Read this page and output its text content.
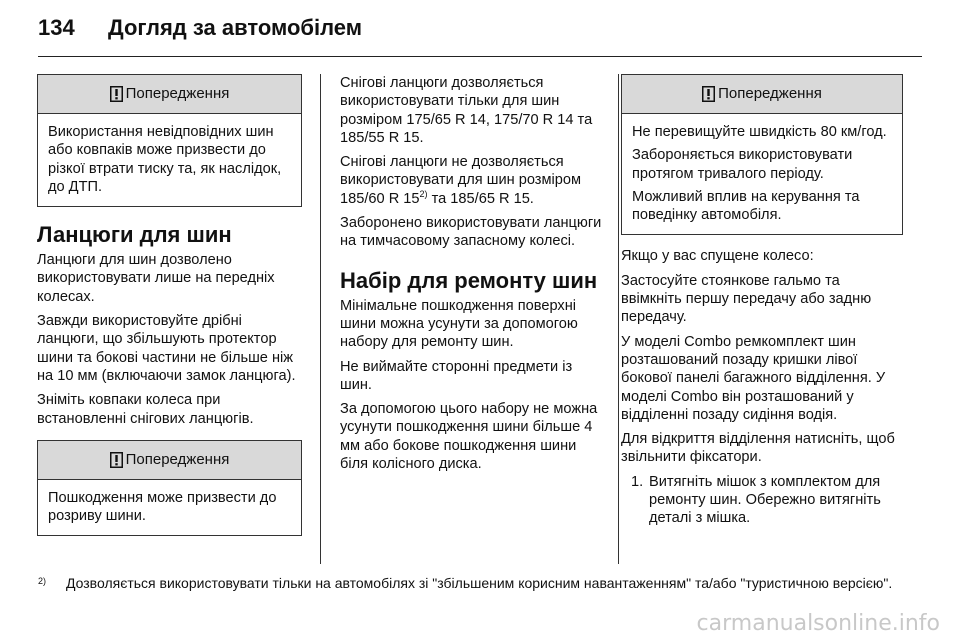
134	Догляд за автомобілем
Попередження

Використання невідповідних шин або ковпаків може призвести до різкої втрати тиску та, як наслідок, до ДТП.

Ланцюги для шин

Ланцюги для шин дозволено використовувати лише на передніх колесах.

Завжди використовуйте дрібні ланцюги, що збільшують протектор шини та бокові частини не більше ніж на 10 мм (включаючи замок ланцюга).

Зніміть ковпаки колеса при встановленні снігових ланцюгів.

Попередження

Пошкодження може призвести до розриву шини.

Снігові ланцюги дозволяється використовувати тільки для шин розміром 175/65 R 14, 175/70 R 14 та 185/55 R 15.

Снігові ланцюги не дозволяється використовувати для шин розміром 185/60 R 15$^{2)}$ та 185/65 R 15.

Заборонено використовувати ланцюги на тимчасовому запасному колесі.

Набір для ремонту шин

Мінімальне пошкодження поверхні шини можна усунути за допомогою набору для ремонту шин.

Не виймайте сторонні предмети із шин.

За допомогою цього набору не можна усунути пошкодження шини більше 4 мм або бокове пошкодження шини біля колісного диска.

Попередження

Не перевищуйте швидкість 80 км/год.

Забороняється використовувати протягом тривалого періоду.

Можливий вплив на керування та поведінку автомобіля.

Якщо у вас спущене колесо:

Застосуйте стоянкове гальмо та ввімкніть першу передачу або задню передачу.

У моделі Combo ремкомплект шин розташований позаду кришки лівої бокової панелі багажного відділення. У моделі Combo він розташований у відділенні позаду сидіння водія.

Для відкриття відділення натисніть, щоб звільнити фіксатори.

1. Витягніть мішок з комплектом для ремонту шин. Обережно витягніть деталі з мішка.
2)	Дозволяється використовувати тільки на автомобілях зі "збільшеним корисним навантаженням" та/або "туристичною версією".
carmanualsonline.info
